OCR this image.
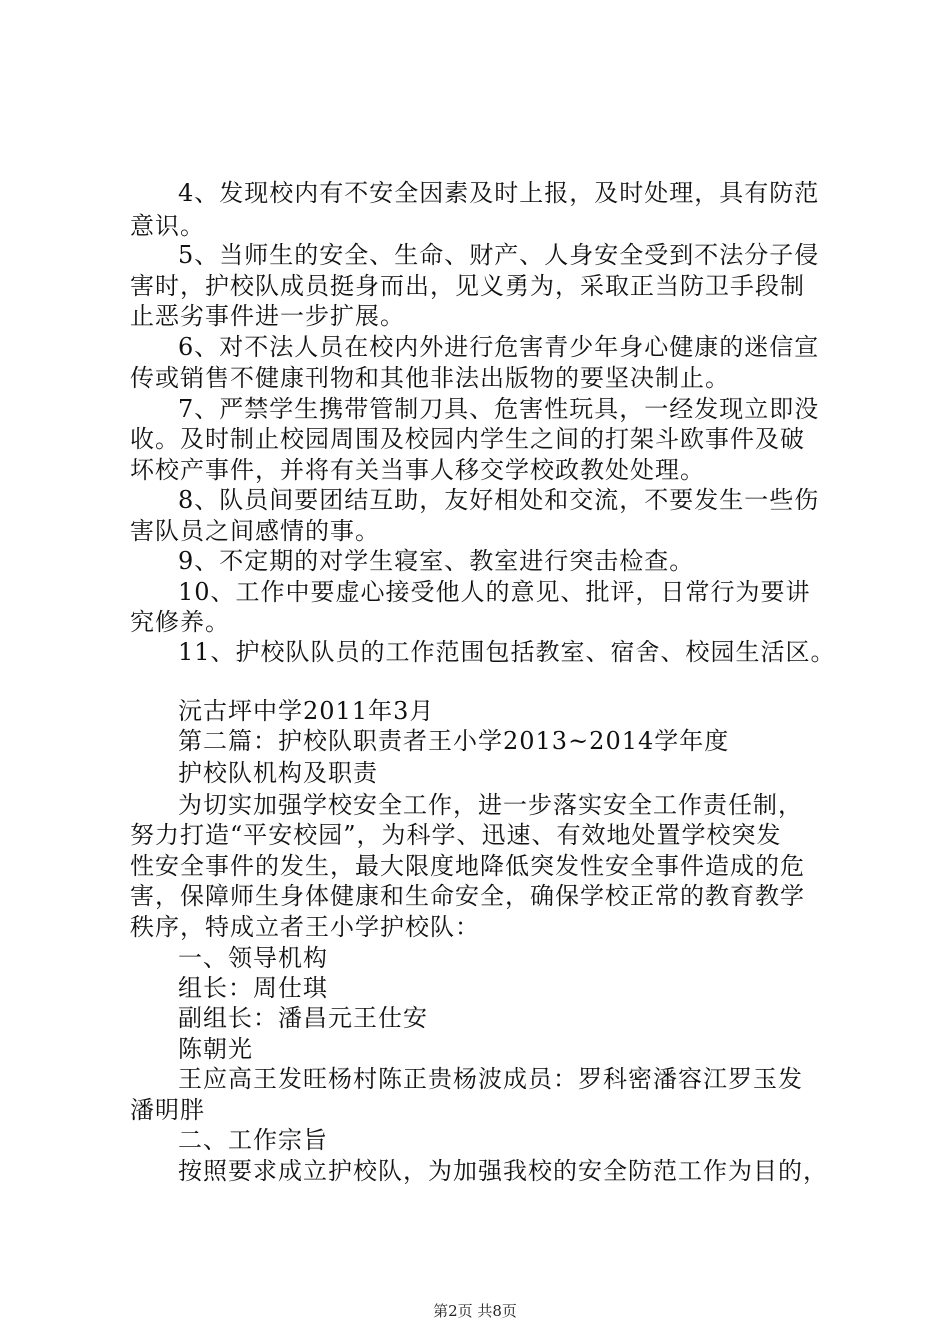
4、发现校内有不安全因素及时上报，及时处理，具有防范
意识。
5、当师生的安全、生命、财产、人身安全受到不法分子侵
害时，护校队成员挺身而出，见义勇为，采取正当防卫手段制
止恶劣事件进一步扩展。
6、对不法人员在校内外进行危害青少年身心健康的迷信宣
传或销售不健康刊物和其他非法出版物的要坚决制止。
7、严禁学生携带管制刀具、危害性玩具，一经发现立即没
收。及时制止校园周围及校园内学生之间的打架斗欧事件及破
坏校产事件，并将有关当事人移交学校政教处处理。
8、队员间要团结互助，友好相处和交流，不要发生一些伤
害队员之间感情的事。
9、不定期的对学生寝室、教室进行突击检查。
10、工作中要虚心接受他人的意见、批评，日常行为要讲
究修养。
11、护校队队员的工作范围包括教室、宿舍、校园生活区。
沅古坪中学2011年3月
第二篇：护校队职责者王小学2013~2014学年度
护校队机构及职责
为切实加强学校安全工作，进一步落实安全工作责任制，
努力打造“平安校园”，为科学、迅速、有效地处置学校突发
性安全事件的发生，最大限度地降低突发性安全事件造成的危
害，保障师生身体健康和生命安全，确保学校正常的教育教学
秩序，特成立者王小学护校队：
一、领导机构
组长：周仕琪
副组长：潘昌元王仕安
陈朝光
王应高王发旺杨村陈正贵杨波成员：罗科密潘容江罗玉发
潘明胖
二、工作宗旨
按照要求成立护校队，为加强我校的安全防范工作为目的，
第2页 共8页
